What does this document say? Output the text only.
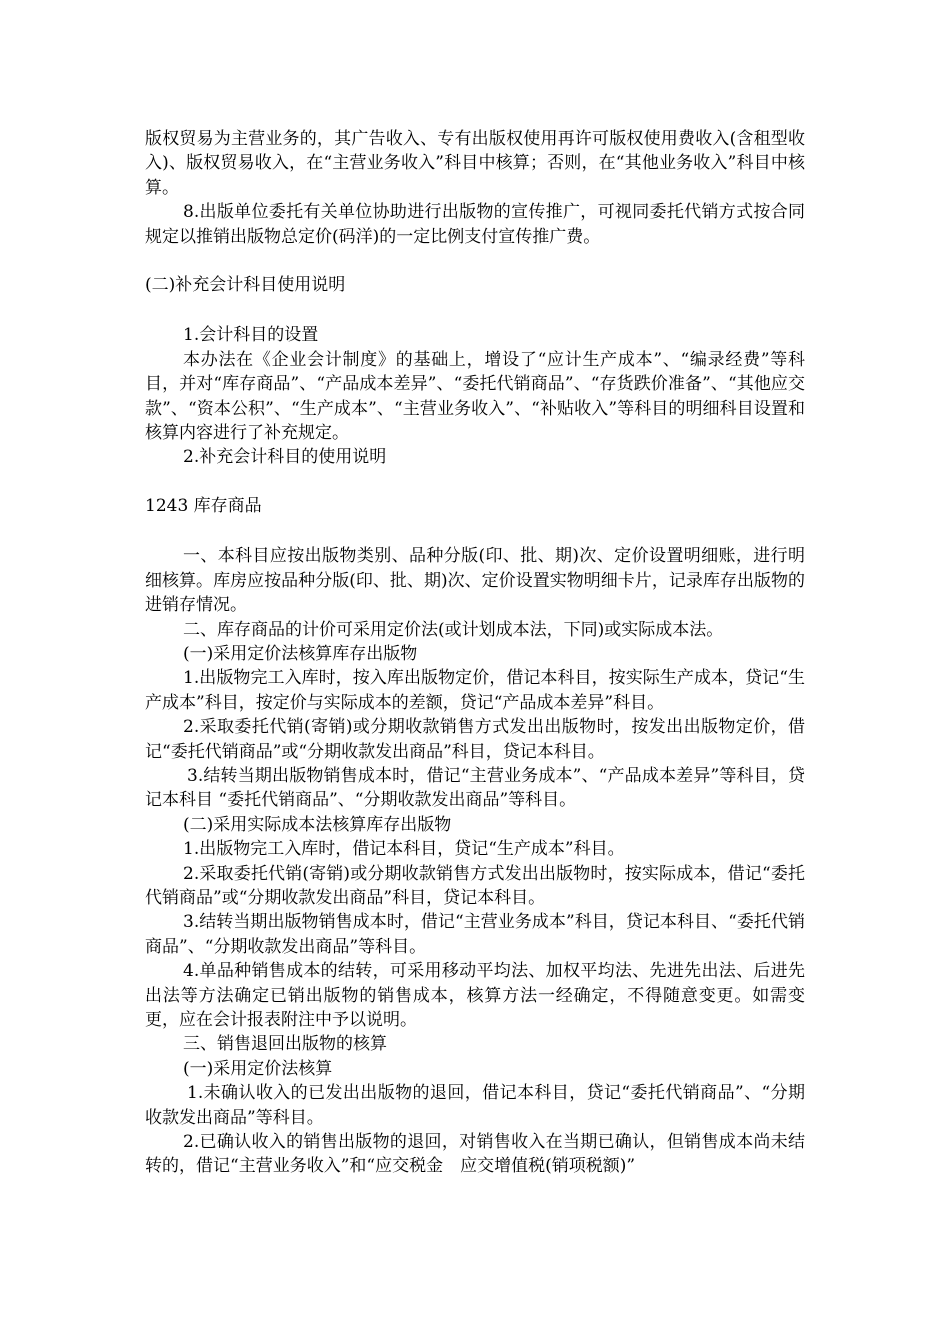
版权贸易为主营业务的，其广告收入、专有出版权使用再许可版权使用费收入(含租型收入)、版权贸易收入，在“主营业务收入”科目中核算；否则，在“其他业务收入”科目中核算。

8.出版单位委托有关单位协助进行出版物的宣传推广，可视同委托代销方式按合同规定以推销出版物总定价(码洋)的一定比例支付宣传推广费。

(二)补充会计科目使用说明

1.会计科目的设置

本办法在《企业会计制度》的基础上，增设了“应计生产成本”、“编录经费”等科目，并对“库存商品”、“产品成本差异”、“委托代销商品”、“存货跌价准备”、“其他应交款”、“资本公积”、“生产成本”、“主营业务收入”、“补贴收入”等科目的明细科目设置和核算内容进行了补充规定。

2.补充会计科目的使用说明

1243 库存商品

一、本科目应按出版物类别、品种分版(印、批、期)次、定价设置明细账，进行明细核算。库房应按品种分版(印、批、期)次、定价设置实物明细卡片，记录库存出版物的进销存情况。

二、库存商品的计价可采用定价法(或计划成本法，下同)或实际成本法。

(一)采用定价法核算库存出版物

1.出版物完工入库时，按入库出版物定价，借记本科目，按实际生产成本，贷记“生产成本”科目，按定价与实际成本的差额，贷记“产品成本差异”科目。

2.采取委托代销(寄销)或分期收款销售方式发出出版物时，按发出出版物定价，借记“委托代销商品”或“分期收款发出商品”科目，贷记本科目。

3.结转当期出版物销售成本时，借记“主营业务成本”、“产品成本差异”等科目，贷记本科目 “委托代销商品”、“分期收款发出商品”等科目。

(二)采用实际成本法核算库存出版物

1.出版物完工入库时，借记本科目，贷记“生产成本”科目。

2.采取委托代销(寄销)或分期收款销售方式发出出版物时，按实际成本，借记“委托代销商品”或“分期收款发出商品”科目，贷记本科目。

3.结转当期出版物销售成本时，借记“主营业务成本”科目，贷记本科目、“委托代销商品”、“分期收款发出商品”等科目。

4.单品种销售成本的结转，可采用移动平均法、加权平均法、先进先出法、后进先出法等方法确定已销出版物的销售成本，核算方法一经确定，不得随意变更。如需变更，应在会计报表附注中予以说明。

三、销售退回出版物的核算

(一)采用定价法核算

1.未确认收入的已发出出版物的退回，借记本科目，贷记“委托代销商品”、“分期收款发出商品”等科目。

2.已确认收入的销售出版物的退回，对销售收入在当期已确认，但销售成本尚未结转的，借记“主营业务收入”和“应交税金　应交增值税(销项税额)”
